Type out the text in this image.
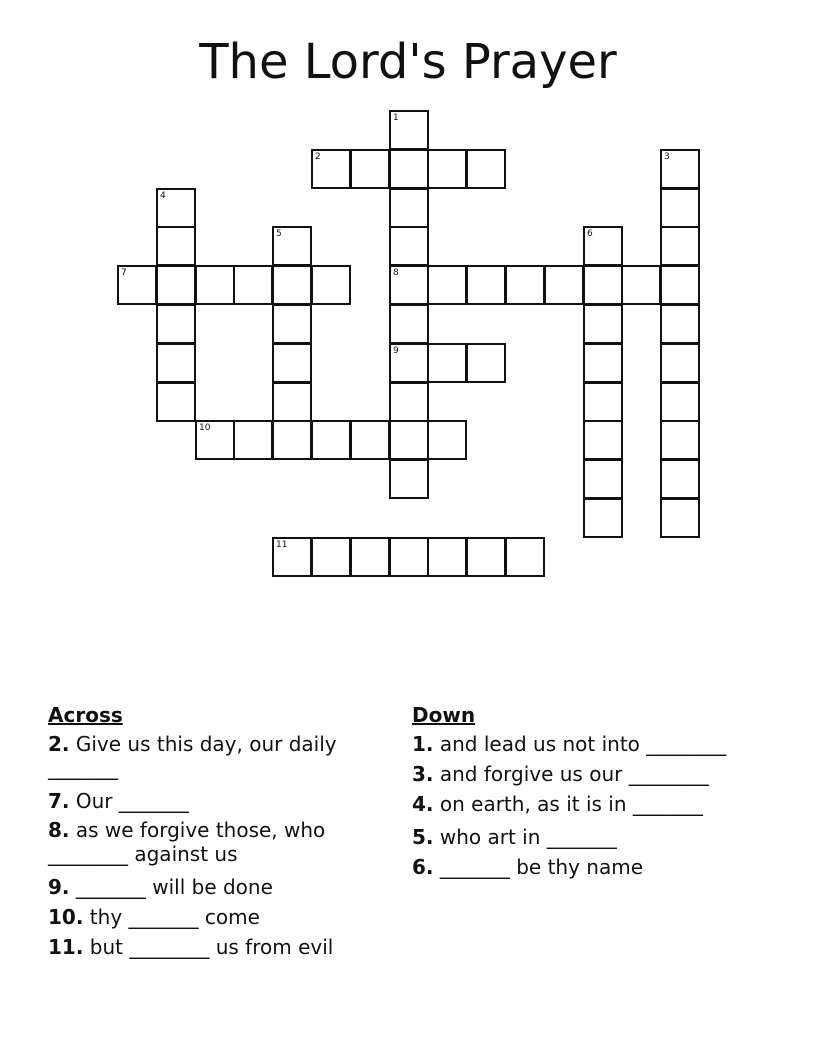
The Lord's Prayer
1
8
9
2	3
4
5	6
7
10
11

Across

2. Give us this day, our daily _______

7. Our _______

8. as we forgive those, who ________ against us

9. _______ will be done

10. thy _______ come

11. but ________ us from evil

Down

1. and lead us not into ________

3. and forgive us our ________

4. on earth, as it is in _______

5. who art in _______

6. _______ be thy name
